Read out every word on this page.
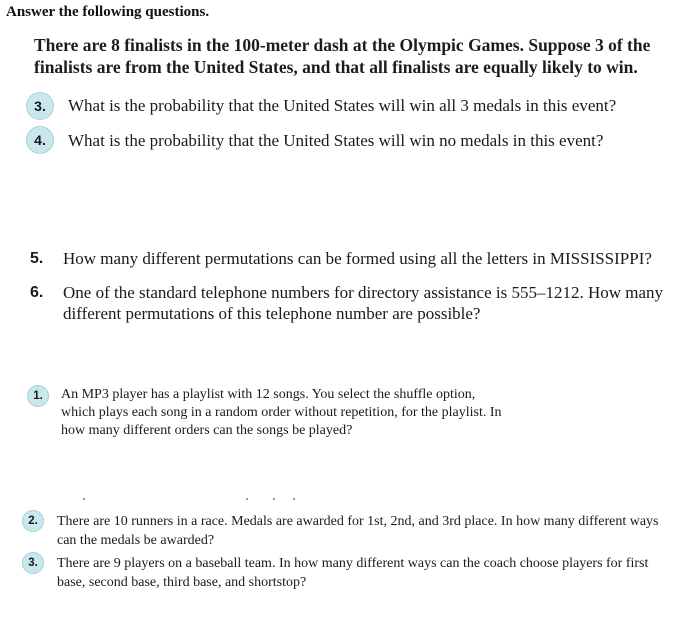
Answer the following questions.
There are 8 finalists in the 100-meter dash at the Olympic Games. Suppose 3 of the finalists are from the United States, and that all finalists are equally likely to win.
3.	What is the probability that the United States will win all 3 medals in this event?
4.	What is the probability that the United States will win no medals in this event?
5. How many different permutations can be formed using all the letters in MISSISSIPPI?
6. One of the standard telephone numbers for directory assistance is 555–1212. How many different permutations of this telephone number are possible?
1.	An MP3 player has a playlist with 12 songs. You select the shuffle option, which plays each song in a random order without repetition, for the playlist. In how many different orders can the songs be played?
2.	There are 10 runners in a race. Medals are awarded for 1st, 2nd, and 3rd place. In how many different ways can the medals be awarded?
3.	There are 9 players on a baseball team. In how many different ways can the coach choose players for first base, second base, third base, and shortstop?
